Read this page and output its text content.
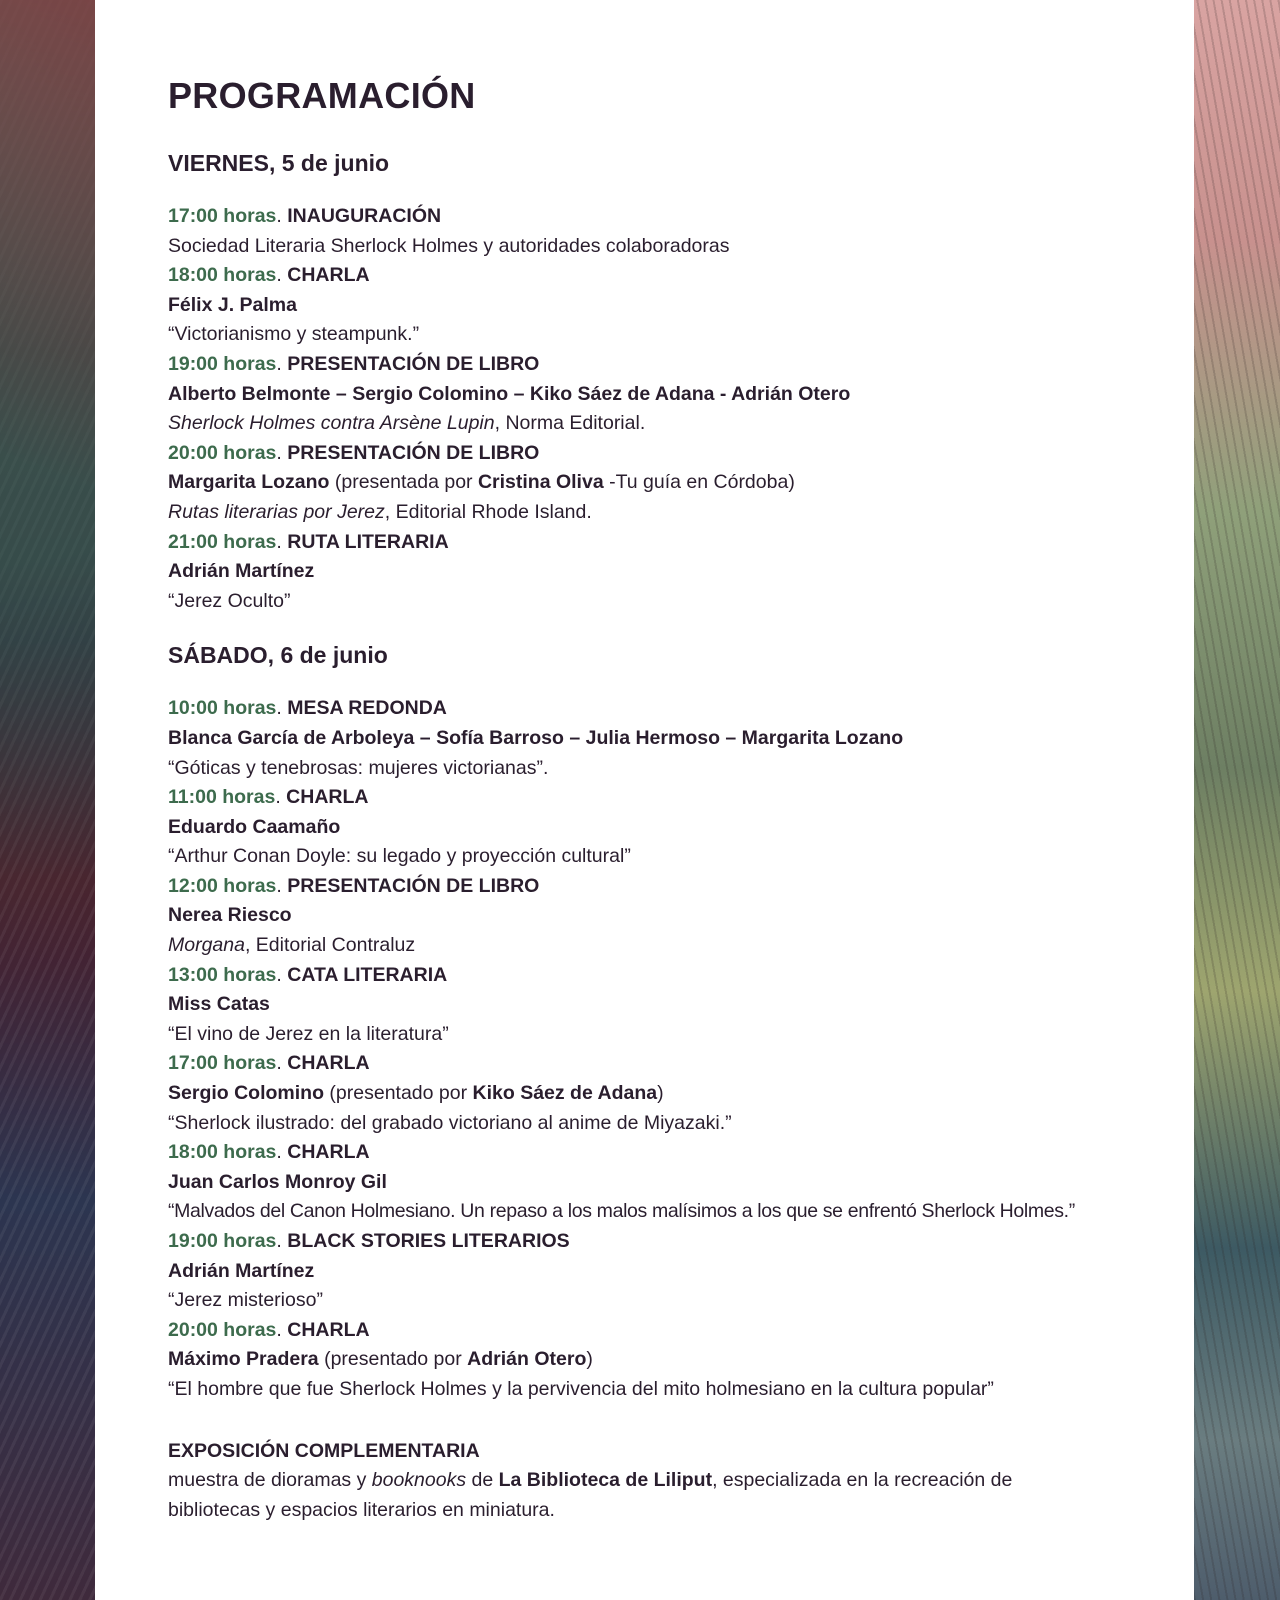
PROGRAMACIÓN
VIERNES, 5 de junio

17:00 horas. INAUGURACIÓN

Sociedad Literaria Sherlock Holmes y autoridades colaboradoras

18:00 horas. CHARLA

Félix J. Palma

“Victorianismo y steampunk.”

19:00 horas. PRESENTACIÓN DE LIBRO

Alberto Belmonte – Sergio Colomino – Kiko Sáez de Adana - Adrián Otero

Sherlock Holmes contra Arsène Lupin, Norma Editorial.

20:00 horas. PRESENTACIÓN DE LIBRO

Margarita Lozano (presentada por Cristina Oliva -Tu guía en Córdoba)

Rutas literarias por Jerez, Editorial Rhode Island.

21:00 horas. RUTA LITERARIA

Adrián Martínez

“Jerez Oculto”

SÁBADO, 6 de junio

10:00 horas. MESA REDONDA

Blanca García de Arboleya – Sofía Barroso – Julia Hermoso – Margarita Lozano

“Góticas y tenebrosas: mujeres victorianas”.

11:00 horas. CHARLA

Eduardo Caamaño

“Arthur Conan Doyle: su legado y proyección cultural”

12:00 horas. PRESENTACIÓN DE LIBRO

Nerea Riesco

Morgana, Editorial Contraluz

13:00 horas. CATA LITERARIA

Miss Catas

“El vino de Jerez en la literatura”

17:00 horas. CHARLA

Sergio Colomino (presentado por Kiko Sáez de Adana)

“Sherlock ilustrado: del grabado victoriano al anime de Miyazaki.”

18:00 horas. CHARLA

Juan Carlos Monroy Gil

“Malvados del Canon Holmesiano. Un repaso a los malos malísimos a los que se enfrentó Sherlock Holmes.”

19:00 horas. BLACK STORIES LITERARIOS

Adrián Martínez

“Jerez misterioso”

20:00 horas. CHARLA

Máximo Pradera (presentado por Adrián Otero)

“El hombre que fue Sherlock Holmes y la pervivencia del mito holmesiano en la cultura popular”

EXPOSICIÓN COMPLEMENTARIA
muestra de dioramas y booknooks de La Biblioteca de Liliput, especializada en la recreación de bibliotecas y espacios literarios en miniatura.
